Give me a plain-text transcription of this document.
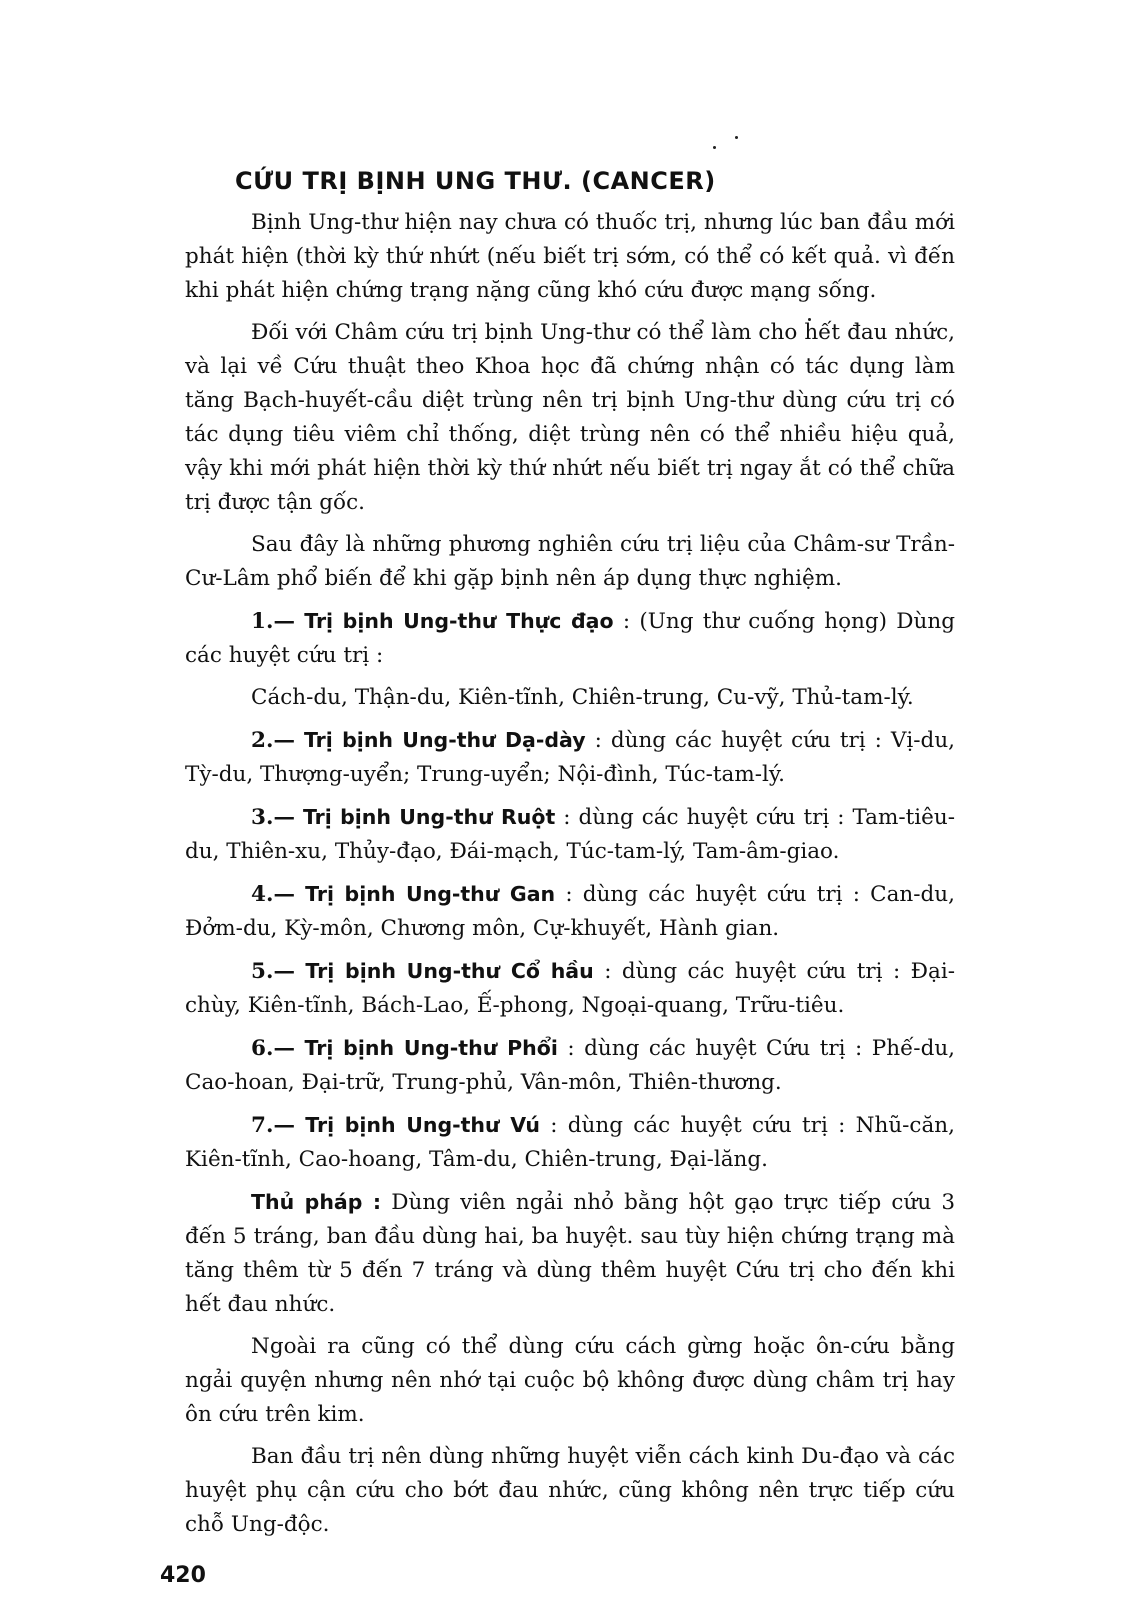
CỨU TRỊ BỊNH UNG THƯ. (CANCER)

Bịnh Ung-thư hiện nay chưa có thuốc trị, nhưng lúc ban đầu mới phát hiện (thời kỳ thứ nhứt (nếu biết trị sớm, có thể có kết quả. vì đến khi phát hiện chứng trạng nặng cũng khó cứu được mạng sống.

Đối với Châm cứu trị bịnh Ung-thư có thể làm cho hết đau nhức, và lại về Cứu thuật theo Khoa học đã chứng nhận có tác dụng làm tăng Bạch-huyết-cầu diệt trùng nên trị bịnh Ung-thư dùng cứu trị có tác dụng tiêu viêm chỉ thống, diệt trùng nên có thể nhiều hiệu quả, vậy khi mới phát hiện thời kỳ thứ nhứt nếu biết trị ngay ắt có thể chữa trị được tận gốc.

Sau đây là những phương nghiên cứu trị liệu của Châm-sư Trần-Cư-Lâm phổ biến để khi gặp bịnh nên áp dụng thực nghiệm.

1.— Trị bịnh Ung-thư Thực đạo : (Ung thư cuống họng) Dùng các huyệt cứu trị :

Cách-du, Thận-du, Kiên-tĩnh, Chiên-trung, Cu-vỹ, Thủ-tam-lý.

2.— Trị bịnh Ung-thư Dạ-dày : dùng các huyệt cứu trị : Vị-du, Tỳ-du, Thượng-uyển; Trung-uyển; Nội-đình, Túc-tam-lý.

3.— Trị bịnh Ung-thư Ruột : dùng các huyệt cứu trị : Tam-tiêu-du, Thiên-xu, Thủy-đạo, Đái-mạch, Túc-tam-lý, Tam-âm-giao.

4.— Trị bịnh Ung-thư Gan : dùng các huyệt cứu trị : Can-du, Đởm-du, Kỳ-môn, Chương môn, Cự-khuyết, Hành gian.

5.— Trị bịnh Ung-thư Cổ hầu : dùng các huyệt cứu trị : Đại-chùy, Kiên-tĩnh, Bách-Lao, Ế-phong, Ngoại-quang, Trữu-tiêu.

6.— Trị bịnh Ung-thư Phổi : dùng các huyệt Cứu trị : Phế-du, Cao-hoan, Đại-trữ, Trung-phủ, Vân-môn, Thiên-thương.

7.— Trị bịnh Ung-thư Vú : dùng các huyệt cứu trị : Nhũ-căn, Kiên-tĩnh, Cao-hoang, Tâm-du, Chiên-trung, Đại-lăng.

Thủ pháp : Dùng viên ngải nhỏ bằng hột gạo trực tiếp cứu 3 đến 5 tráng, ban đầu dùng hai, ba huyệt. sau tùy hiện chứng trạng mà tăng thêm từ 5 đến 7 tráng và dùng thêm huyệt Cứu trị cho đến khi hết đau nhức.

Ngoài ra cũng có thể dùng cứu cách gừng hoặc ôn-cứu bằng ngải quyện nhưng nên nhớ tại cuộc bộ không được dùng châm trị hay ôn cứu trên kim.

Ban đầu trị nên dùng những huyệt viễn cách kinh Du-đạo và các huyệt phụ cận cứu cho bớt đau nhức, cũng không nên trực tiếp cứu chỗ Ung-độc.

420
